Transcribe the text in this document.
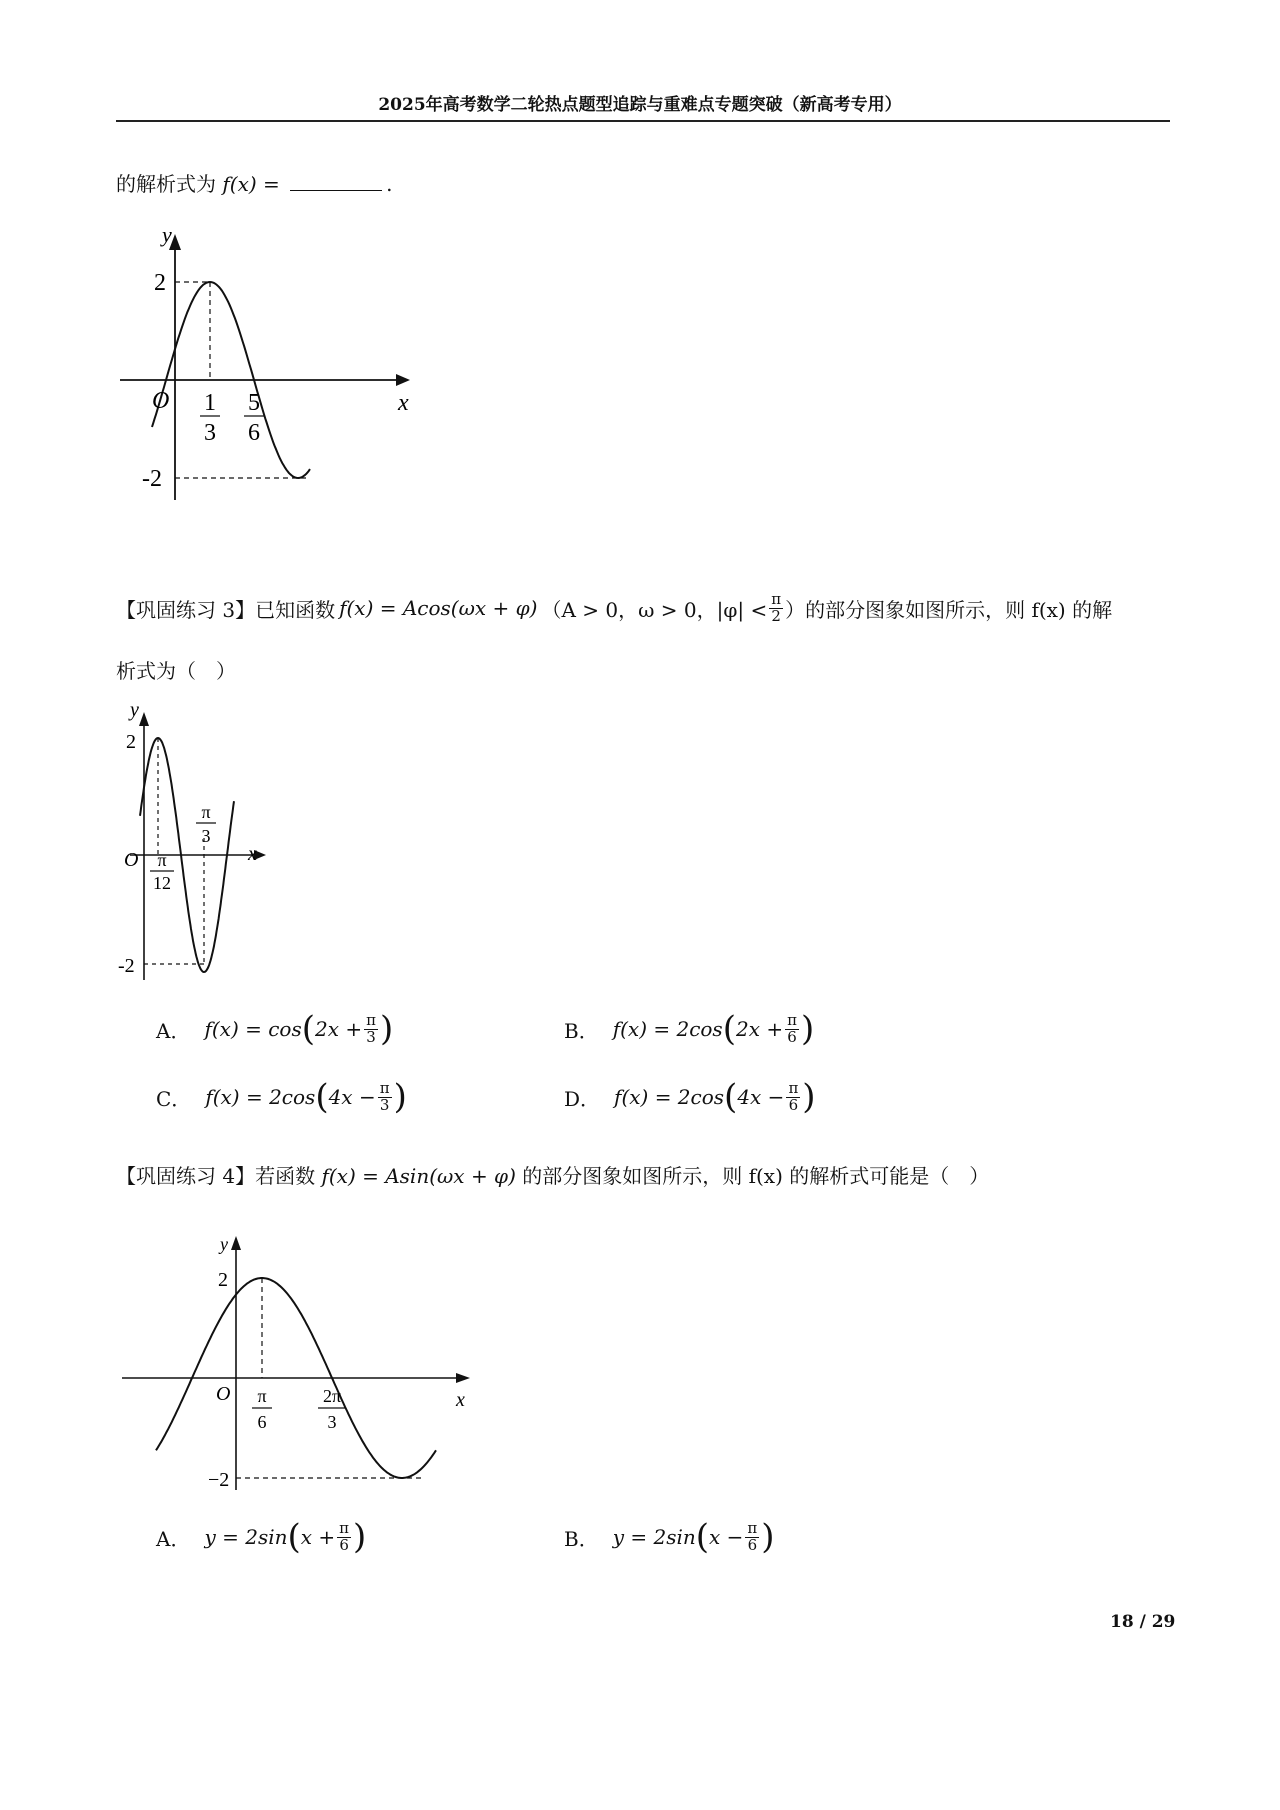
2025年高考数学二轮热点题型追踪与重难点专题突破（新高考专用）
的解析式为 f(x) =	.
y
x
O
2
-2
1
3
5
6
【巩固练习 3】 已知函数 f(x) = Acos(ωx + φ) （A > 0，ω > 0，$|\varphi| < \frac{\pi}{2}$ ）的部分图象如图所示，则 f(x) 的解
析式为（　）
y
x
O
2
-2
π
12
π
3
A． f(x) = cos ( $2x + \frac{\pi}{3}$ )	B． f(x) = 2cos ( $2x + \frac{\pi}{6}$ )
C． f(x) = 2cos ( $4x - \frac{\pi}{3}$ )	D． f(x) = 2cos ( $4x - \frac{\pi}{6}$ )
【巩固练习 4】若函数 f(x) = Asin(ωx + φ) 的部分图象如图所示，则 f(x) 的解析式可能是（　）
y
x
O
2
−2
π
6
2π
3
A． y = 2sin ( $x + \frac{\pi}{6}$ )	B． y = 2sin ( $x - \frac{\pi}{6}$ )
18 / 29
